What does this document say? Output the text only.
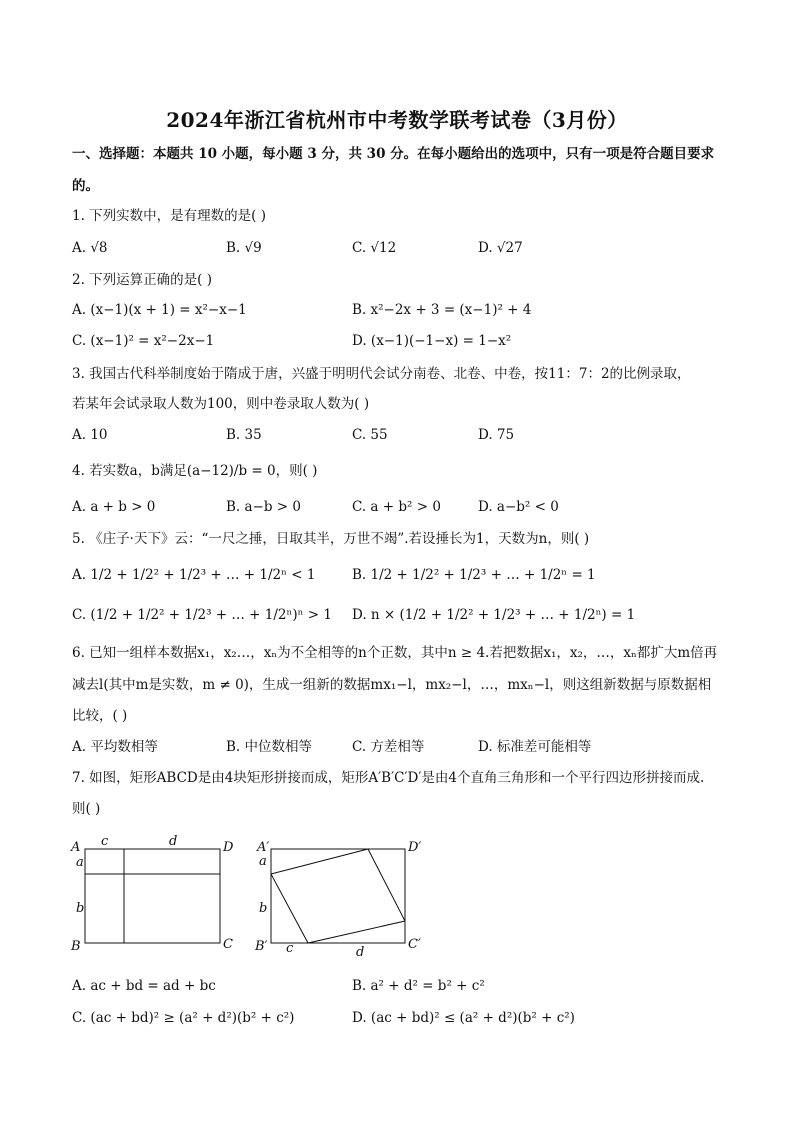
2024年浙江省杭州市中考数学联考试卷（3月份）
一、选择题：本题共 10 小题，每小题 3 分，共 30 分。在每小题给出的选项中，只有一项是符合题目要求
的。
1. 下列实数中，是有理数的是( )
A. √8	B. √9	C. √12	D. √27
2. 下列运算正确的是( )
A. (x−1)(x + 1) = x²−x−1	B. x²−2x + 3 = (x−1)² + 4
C. (x−1)² = x²−2x−1	D. (x−1)(−1−x) = 1−x²
3. 我国古代科举制度始于隋成于唐，兴盛于明明代会试分南卷、北卷、中卷，按11：7：2的比例录取，
若某年会试录取人数为100，则中卷录取人数为( )
A. 10	B. 35	C. 55	D. 75
4. 若实数a，b满足(a−12)/b = 0，则( )
A. a + b > 0	B. a−b > 0	C. a + b² > 0	D. a−b² < 0
5. 《庄子·天下》云：“一尺之捶，日取其半，万世不竭”.若设捶长为1，天数为n，则( )
A. 1/2 + 1/2² + 1/2³ + … + 1/2ⁿ < 1	B. 1/2 + 1/2² + 1/2³ + … + 1/2ⁿ = 1
C. (1/2 + 1/2² + 1/2³ + … + 1/2ⁿ)ⁿ > 1 D. n × (1/2 + 1/2² + 1/2³ + … + 1/2ⁿ) = 1
6. 已知一组样本数据x₁，x₂…，xₙ为不全相等的n个正数，其中n ≥ 4.若把数据x₁，x₂，…，xₙ都扩大m倍再
减去l(其中m是实数，m ≠ 0)，生成一组新的数据mx₁−l，mx₂−l，…，mxₙ−l，则这组新数据与原数据相
比较，( )
A. 平均数相等	B. 中位数相等	C. 方差相等	D. 标准差可能相等
7. 如图，矩形ABCD是由4块矩形拼接而成，矩形A′B′C′D′是由4个直角三角形和一个平行四边形拼接而成.
则( )
A	D
B	C
c	d
a
b
A′	D′
B′	C′
a
b
c	d
A. ac + bd = ad + bc	B. a² + d² = b² + c²
C. (ac + bd)² ≥ (a² + d²)(b² + c²)	D. (ac + bd)² ≤ (a² + d²)(b² + c²)
